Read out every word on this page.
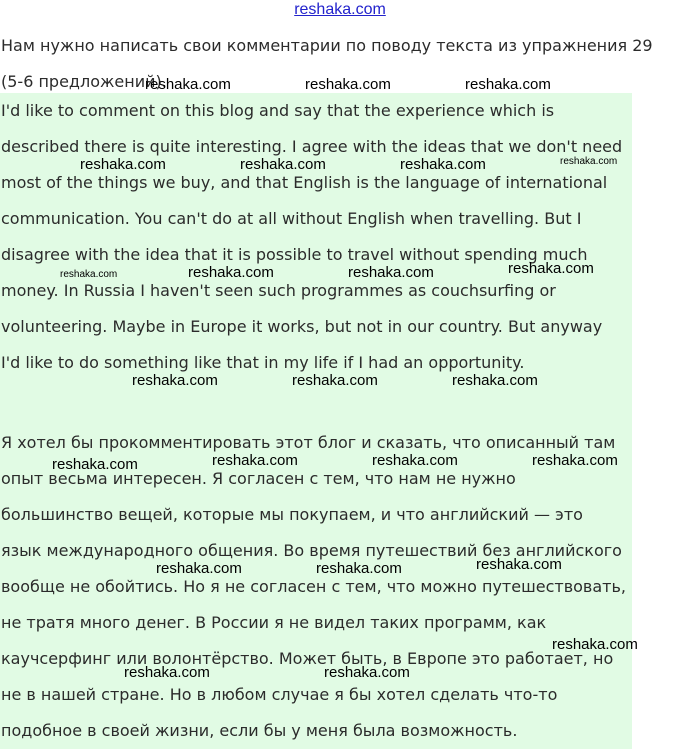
reshaka.com

Нам нужно написать свои комментарии по поводу текста из упражнения 29 (5-6 предложений).

I'd like to comment on this blog and say that the experience which is described there is quite interesting. I agree with the ideas that we don't need most of the things we buy, and that English is the language of international communication. You can't do at all without English when travelling. But I disagree with the idea that it is possible to travel without spending much money. In Russia I haven't seen such programmes as couchsurfing or volunteering. Maybe in Europe it works, but not in our country. But anyway I'd like to do something like that in my life if I had an opportunity.

Я хотел бы прокомментировать этот блог и сказать, что описанный там опыт весьма интересен. Я согласен с тем, что нам не нужно большинство вещей, которые мы покупаем, и что английский — это язык международного общения. Во время путешествий без английского вообще не обойтись. Но я не согласен с тем, что можно путешествовать, не тратя много денег. В России я не видел таких программ, как каучсерфинг или волонтёрство. Может быть, в Европе это работает, но не в нашей стране. Но в любом случае я бы хотел сделать что-то подобное в своей жизни, если бы у меня была возможность.

reshaka.com	reshaka.com	reshaka.com
reshaka.com	reshaka.com	reshaka.com	reshaka.com
reshaka.com	reshaka.com	reshaka.com	reshaka.com
reshaka.com	reshaka.com	reshaka.com
reshaka.com	reshaka.com	reshaka.com	reshaka.com
reshaka.com	reshaka.com	reshaka.com
reshaka.com
reshaka.com	reshaka.com
